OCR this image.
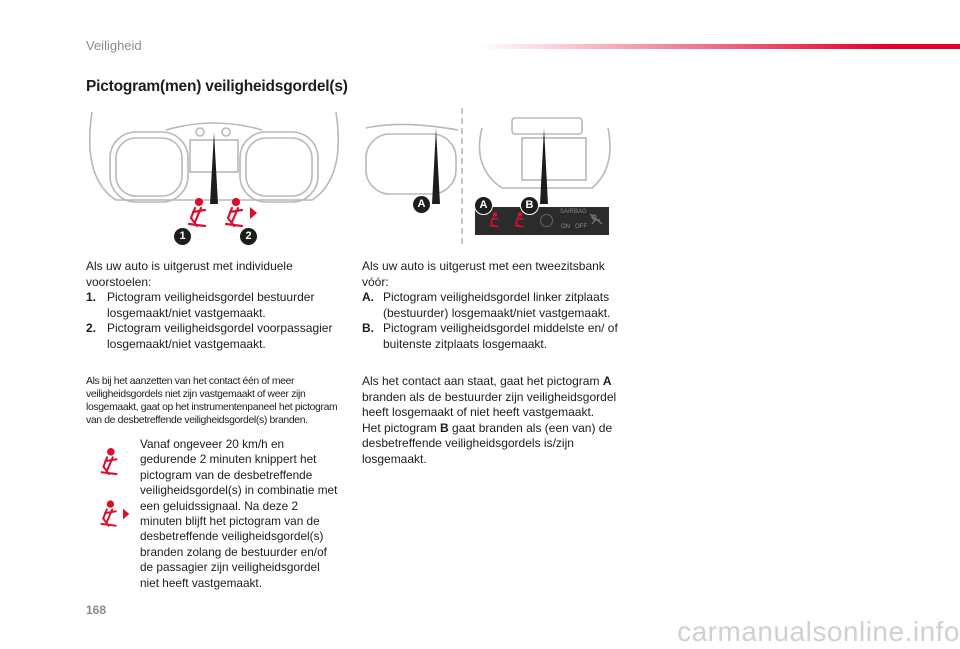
Veiligheid
Pictogram(men) veiligheidsgordel(s)
1	2
A	A	B
SAIRBAG
ON OFF
Als uw auto is uitgerust met individuele voorstoelen:
1. Pictogram veiligheidsgordel bestuurder losgemaakt/niet vastgemaakt.
2. Pictogram veiligheidsgordel voorpassagier losgemaakt/niet vastgemaakt.
Als bij het aanzetten van het contact één of meer veiligheidsgordels niet zijn vastgemaakt of weer zijn losgemaakt, gaat op het instrumentenpaneel het pictogram van de desbetreffende veiligheidsgordel(s) branden.
Vanaf ongeveer 20 km/h en gedurende 2 minuten knippert het pictogram van de desbetreffende veiligheidsgordel(s) in combinatie met een geluidssignaal. Na deze 2 minuten blijft het pictogram van de desbetreffende veiligheidsgordel(s) branden zolang de bestuurder en/of de passagier zijn veiligheidsgordel niet heeft vastgemaakt.
Als uw auto is uitgerust met een tweezitsbank vóór:
A. Pictogram veiligheidsgordel linker zitplaats (bestuurder) losgemaakt/niet vastgemaakt.
B. Pictogram veiligheidsgordel middelste en/ of buitenste zitplaats losgemaakt.
Als het contact aan staat, gaat het pictogram A branden als de bestuurder zijn veiligheidsgordel heeft losgemaakt of niet heeft vastgemaakt.
Het pictogram B gaat branden als (een van) de desbetreffende veiligheidsgordels is/zijn losgemaakt.
168
carmanualsonline.info
